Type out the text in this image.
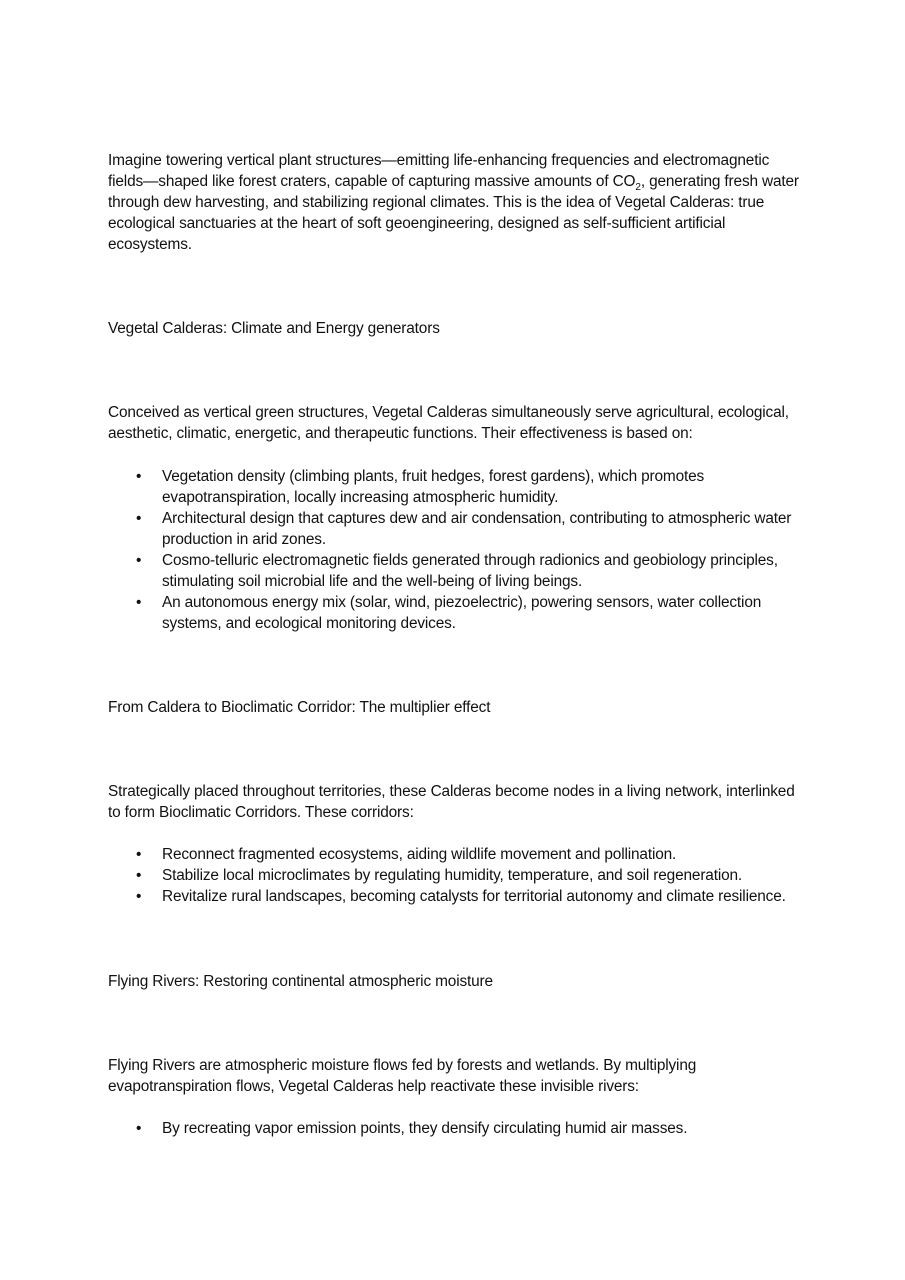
Imagine towering vertical plant structures—emitting life-enhancing frequencies and electromagnetic fields—shaped like forest craters, capable of capturing massive amounts of $CO_2$, generating fresh water through dew harvesting, and stabilizing regional climates. This is the idea of Vegetal Calderas: true ecological sanctuaries at the heart of soft geoengineering, designed as self-sufficient artificial ecosystems.

Vegetal Calderas: Climate and Energy generators

Conceived as vertical green structures, Vegetal Calderas simultaneously serve agricultural, ecological, aesthetic, climatic, energetic, and therapeutic functions. Their effectiveness is based on:

• Vegetation density (climbing plants, fruit hedges, forest gardens), which promotes evapotranspiration, locally increasing atmospheric humidity.
• Architectural design that captures dew and air condensation, contributing to atmospheric water production in arid zones.
• Cosmo-telluric electromagnetic fields generated through radionics and geobiology principles, stimulating soil microbial life and the well-being of living beings.
• An autonomous energy mix (solar, wind, piezoelectric), powering sensors, water collection systems, and ecological monitoring devices.
From Caldera to Bioclimatic Corridor: The multiplier effect

Strategically placed throughout territories, these Calderas become nodes in a living network, interlinked to form Bioclimatic Corridors. These corridors:

• Reconnect fragmented ecosystems, aiding wildlife movement and pollination.
• Stabilize local microclimates by regulating humidity, temperature, and soil regeneration.
• Revitalize rural landscapes, becoming catalysts for territorial autonomy and climate resilience.
Flying Rivers: Restoring continental atmospheric moisture

Flying Rivers are atmospheric moisture flows fed by forests and wetlands. By multiplying evapotranspiration flows, Vegetal Calderas help reactivate these invisible rivers:

• By recreating vapor emission points, they densify circulating humid air masses.
